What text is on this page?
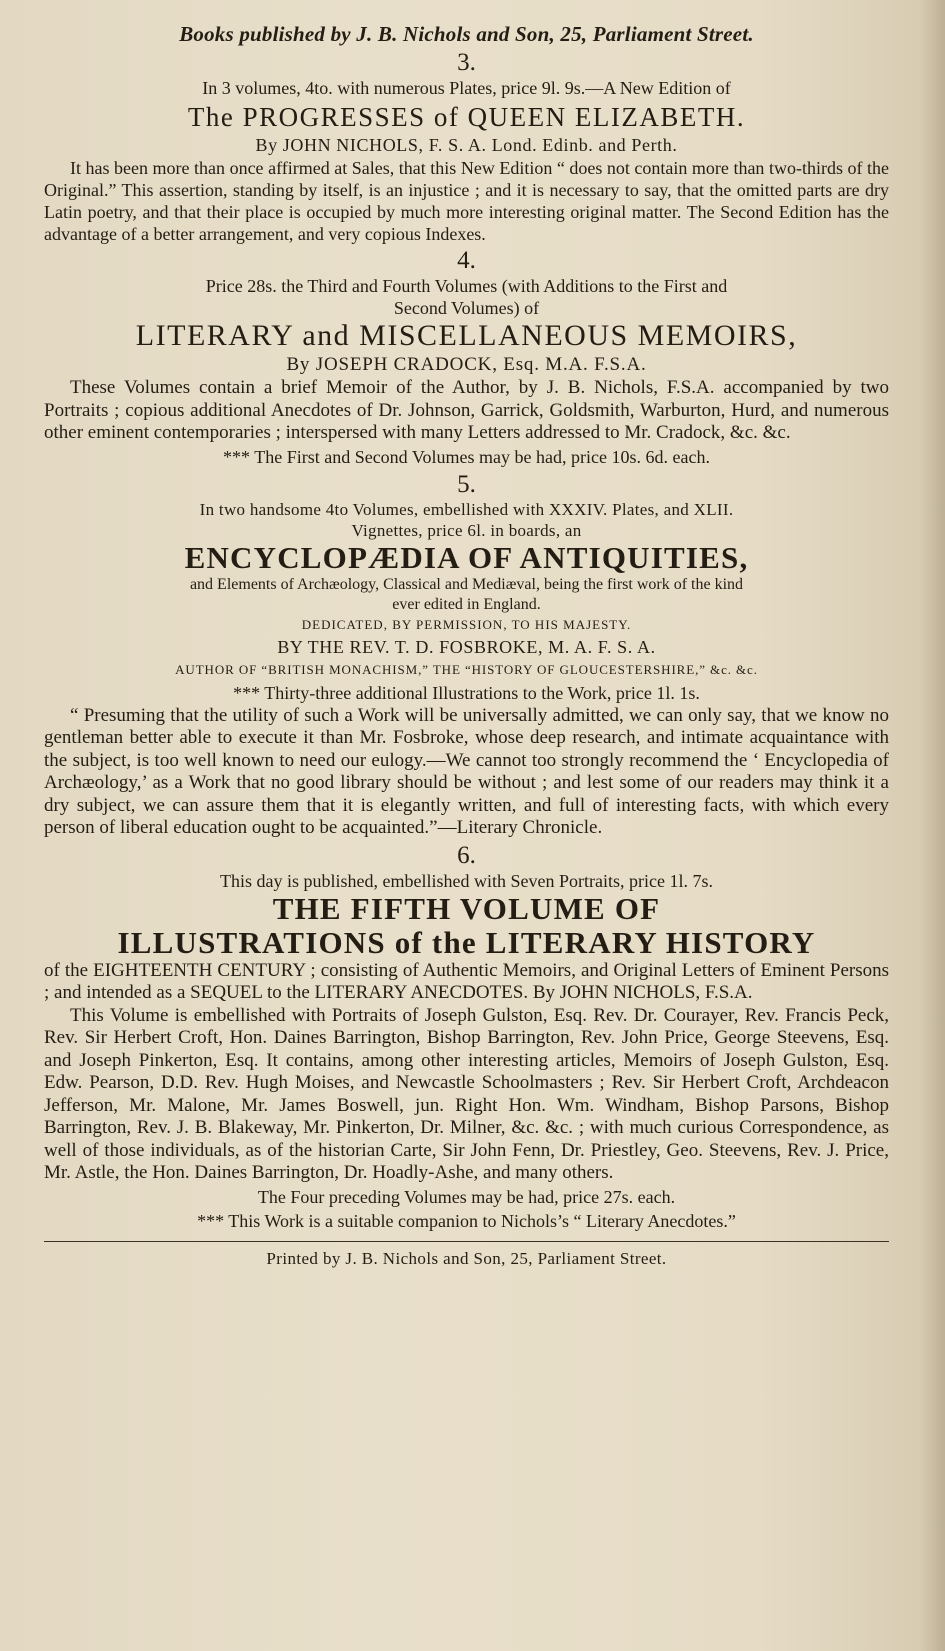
Books published by J. B. Nichols and Son, 25, Parliament Street.

3.

In 3 volumes, 4to. with numerous Plates, price 9l. 9s.—A New Edition of

The PROGRESSES of QUEEN ELIZABETH.

By JOHN NICHOLS, F. S. A. Lond. Edinb. and Perth.

It has been more than once affirmed at Sales, that this New Edition “ does not contain more than two-thirds of the Original.” This assertion, standing by itself, is an injustice ; and it is necessary to say, that the omitted parts are dry Latin poetry, and that their place is occupied by much more interesting original matter. The Second Edition has the advantage of a better arrangement, and very copious Indexes.

4.

Price 28s. the Third and Fourth Volumes (with Additions to the First and

Second Volumes) of

LITERARY and MISCELLANEOUS MEMOIRS,

By JOSEPH CRADOCK, Esq. M.A. F.S.A.

These Volumes contain a brief Memoir of the Author, by J. B. Nichols, F.S.A. accompanied by two Portraits ; copious additional Anecdotes of Dr. Johnson, Garrick, Goldsmith, Warburton, Hurd, and numerous other eminent contemporaries ; interspersed with many Letters addressed to Mr. Cradock, &c. &c.

*** The First and Second Volumes may be had, price 10s. 6d. each.

5.

In two handsome 4to Volumes, embellished with XXXIV. Plates, and XLII.

Vignettes, price 6l. in boards, an

ENCYCLOPÆDIA OF ANTIQUITIES,

and Elements of Archæology, Classical and Mediæval, being the first work of the kind

ever edited in England.

DEDICATED, BY PERMISSION, TO HIS MAJESTY.

BY THE REV. T. D. FOSBROKE, M. A. F. S. A.

AUTHOR OF “BRITISH MONACHISM,” THE “HISTORY OF GLOUCESTERSHIRE,” &c. &c.

*** Thirty-three additional Illustrations to the Work, price 1l. 1s.

“ Presuming that the utility of such a Work will be universally admitted, we can only say, that we know no gentleman better able to execute it than Mr. Fosbroke, whose deep research, and intimate acquaintance with the subject, is too well known to need our eulogy.—We cannot too strongly recommend the ‘ Encyclopedia of Archæology,’ as a Work that no good library should be without ; and lest some of our readers may think it a dry subject, we can assure them that it is elegantly written, and full of interesting facts, with which every person of liberal education ought to be acquainted.”—Literary Chronicle.

6.

This day is published, embellished with Seven Portraits, price 1l. 7s.

THE FIFTH VOLUME OF

ILLUSTRATIONS of the LITERARY HISTORY

of the EIGHTEENTH CENTURY ; consisting of Authentic Memoirs, and Original Letters of Eminent Persons ; and intended as a SEQUEL to the LITERARY ANECDOTES. By JOHN NICHOLS, F.S.A.

This Volume is embellished with Portraits of Joseph Gulston, Esq. Rev. Dr. Courayer, Rev. Francis Peck, Rev. Sir Herbert Croft, Hon. Daines Barrington, Bishop Barrington, Rev. John Price, George Steevens, Esq. and Joseph Pinkerton, Esq. It contains, among other interesting articles, Memoirs of Joseph Gulston, Esq. Edw. Pearson, D.D. Rev. Hugh Moises, and Newcastle Schoolmasters ; Rev. Sir Herbert Croft, Archdeacon Jefferson, Mr. Malone, Mr. James Boswell, jun. Right Hon. Wm. Windham, Bishop Parsons, Bishop Barrington, Rev. J. B. Blakeway, Mr. Pinkerton, Dr. Milner, &c. &c. ; with much curious Correspondence, as well of those individuals, as of the historian Carte, Sir John Fenn, Dr. Priestley, Geo. Steevens, Rev. J. Price, Mr. Astle, the Hon. Daines Barrington, Dr. Hoadly-Ashe, and many others.

The Four preceding Volumes may be had, price 27s. each.

*** This Work is a suitable companion to Nichols’s “ Literary Anecdotes.”

Printed by J. B. Nichols and Son, 25, Parliament Street.
